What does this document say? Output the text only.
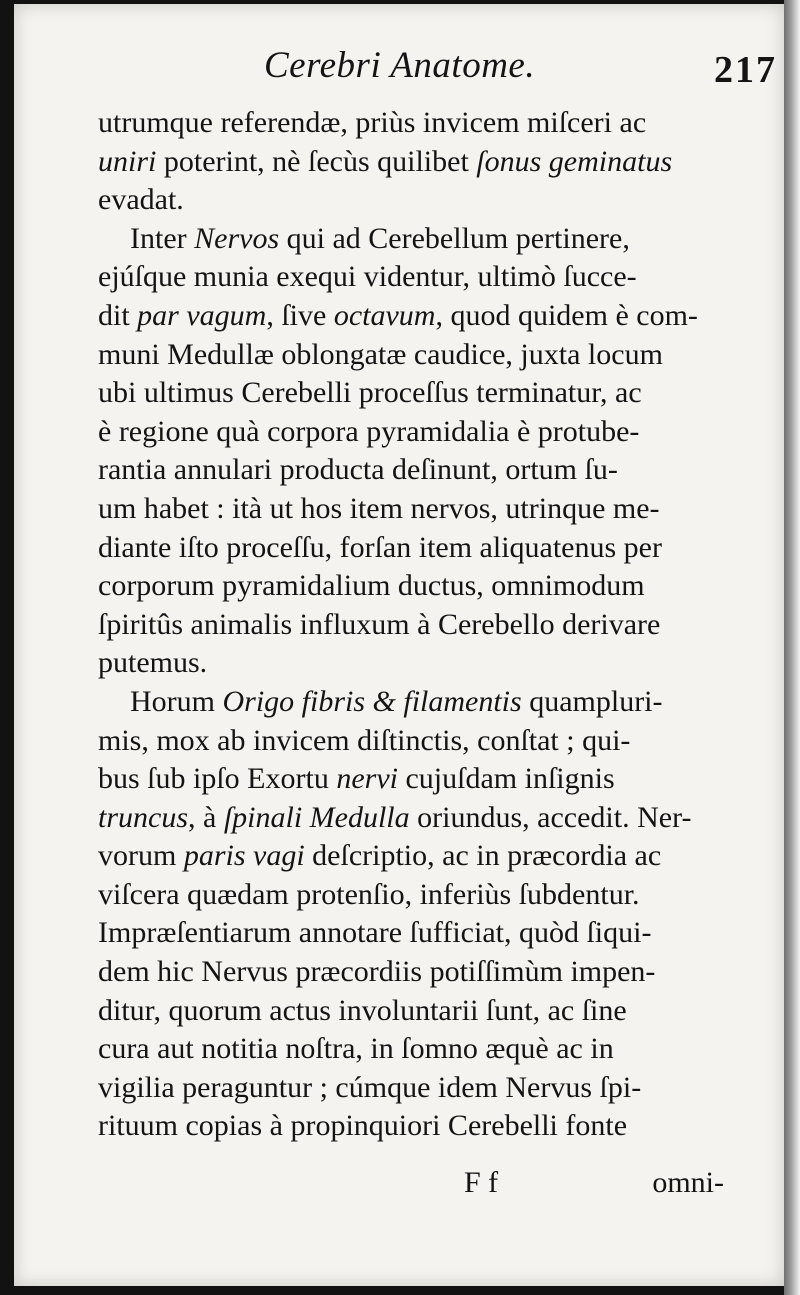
Cerebri Anatome.	217
utrumque referendæ, priùs invicem miſceri ac
uniri poterint, nè ſecùs quilibet ſonus geminatus
evadat.
Inter Nervos qui ad Cerebellum pertinere,
ejúſque munia exequi videntur, ultimò ſucce-
dit par vagum, ſive octavum, quod quidem è com-
muni Medullæ oblongatæ caudice, juxta locum
ubi ultimus Cerebelli proceſſus terminatur, ac
è regione quà corpora pyramidalia è protube-
rantia annulari producta deſinunt, ortum ſu-
um habet : ità ut hos item nervos, utrinque me-
diante iſto proceſſu, forſan item aliquatenus per
corporum pyramidalium ductus, omnimodum
ſpiritûs animalis influxum à Cerebello derivare
putemus.
Horum Origo fibris & filamentis quampluri-
mis, mox ab invicem diſtinctis, conſtat ; qui-
bus ſub ipſo Exortu nervi cujuſdam inſignis
truncus, à ſpinali Medulla oriundus, accedit. Ner-
vorum paris vagi deſcriptio, ac in præcordia ac
viſcera quædam protenſio, inferiùs ſubdentur.
Impræſentiarum annotare ſufficiat, quòd ſiqui-
dem hic Nervus præcordiis potiſſimùm impen-
ditur, quorum actus involuntarii ſunt, ac ſine
cura aut notitia noſtra, in ſomno æquè ac in
vigilia peraguntur ; cúmque idem Nervus ſpi-
rituum copias à propinquiori Cerebelli fonte
F f	omni-
